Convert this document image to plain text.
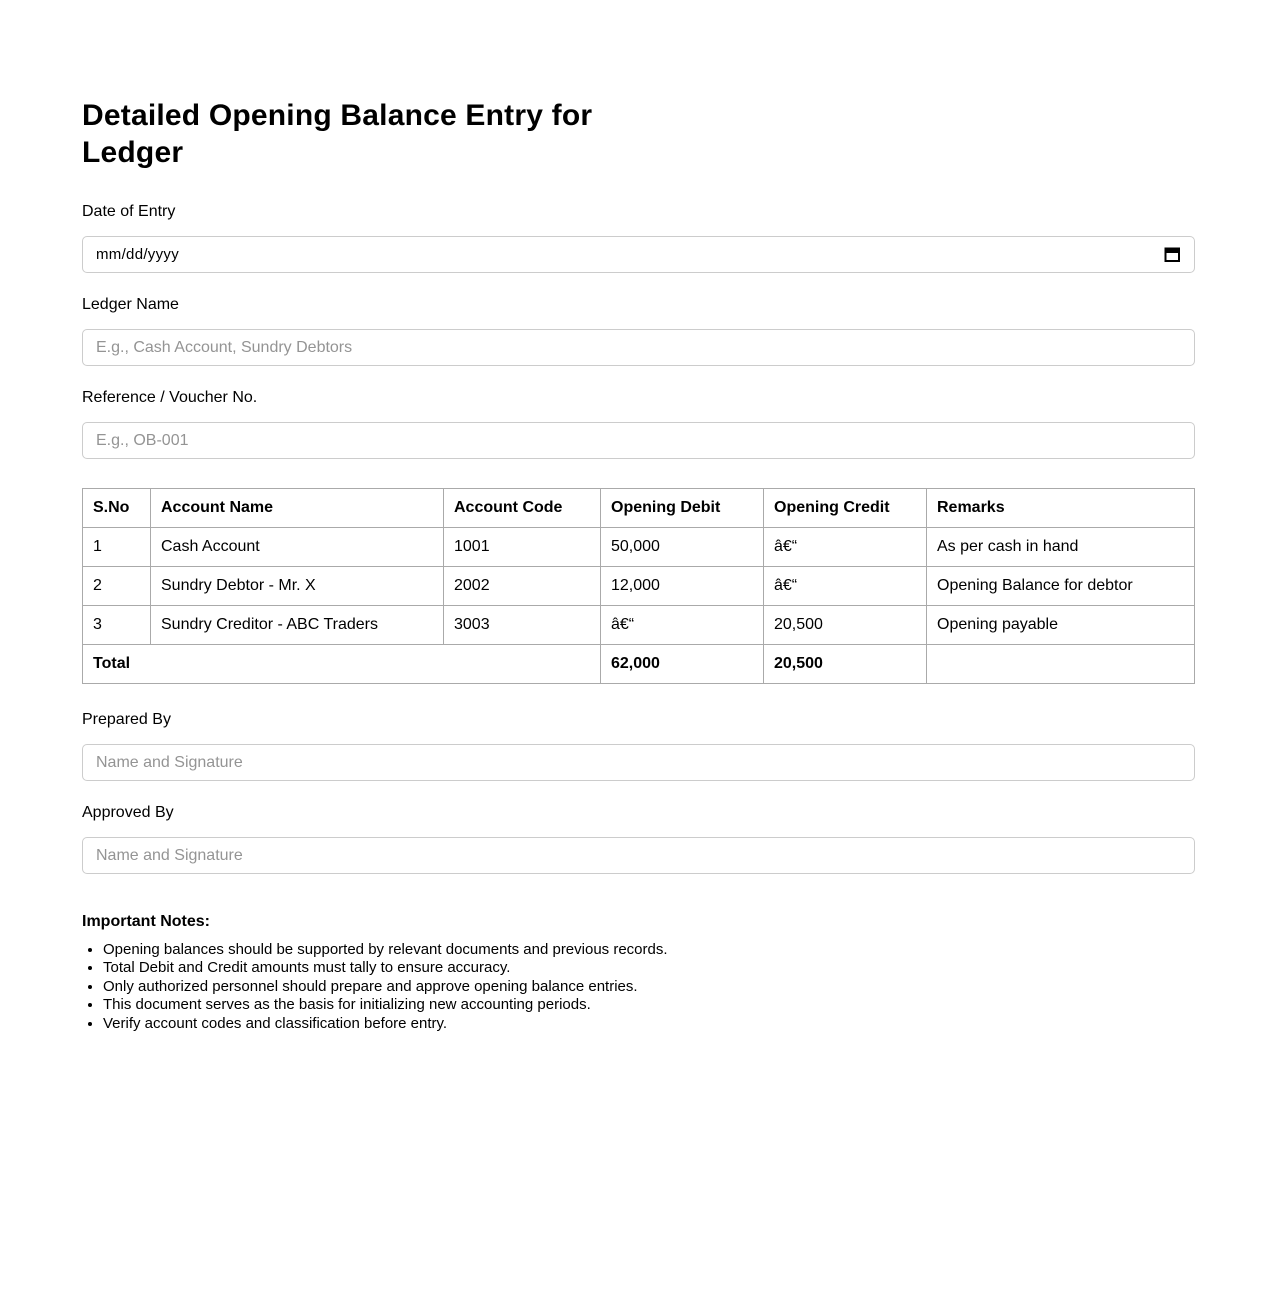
Detailed Opening Balance Entry for Ledger
Date of Entry
mm/dd/yyyy
Ledger Name
E.g., Cash Account, Sundry Debtors
Reference / Voucher No.
E.g., OB-001
S.No	Account Name	Account Code	Opening Debit	Opening Credit	Remarks
1	Cash Account	1001	50,000	â€“	As per cash in hand
2	Sundry Debtor - Mr. X	2002	12,000	â€“	Opening Balance for debtor
3	Sundry Creditor - ABC Traders	3003	â€“	20,500	Opening payable
Total			62,000	20,500	
Prepared By
Name and Signature
Approved By
Name and Signature
Important Notes:
• Opening balances should be supported by relevant documents and previous records.
• Total Debit and Credit amounts must tally to ensure accuracy.
• Only authorized personnel should prepare and approve opening balance entries.
• This document serves as the basis for initializing new accounting periods.
• Verify account codes and classification before entry.
